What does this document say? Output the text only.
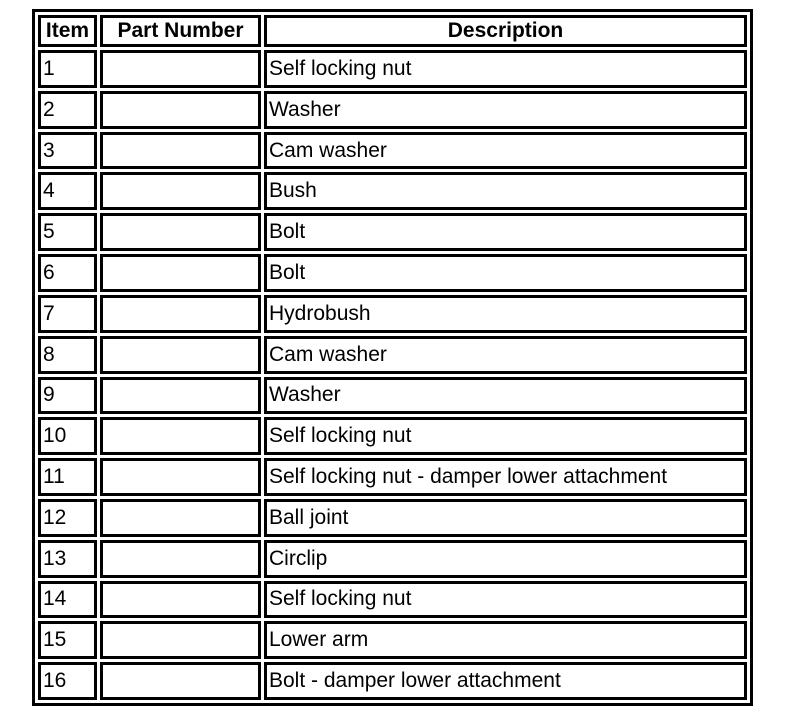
Item	Part Number	Description
1		Self locking nut
2		Washer
3		Cam washer
4		Bush
5		Bolt
6		Bolt
7		Hydrobush
8		Cam washer
9		Washer
10		Self locking nut
11		Self locking nut - damper lower attachment
12		Ball joint
13		Circlip
14		Self locking nut
15		Lower arm
16		Bolt - damper lower attachment
